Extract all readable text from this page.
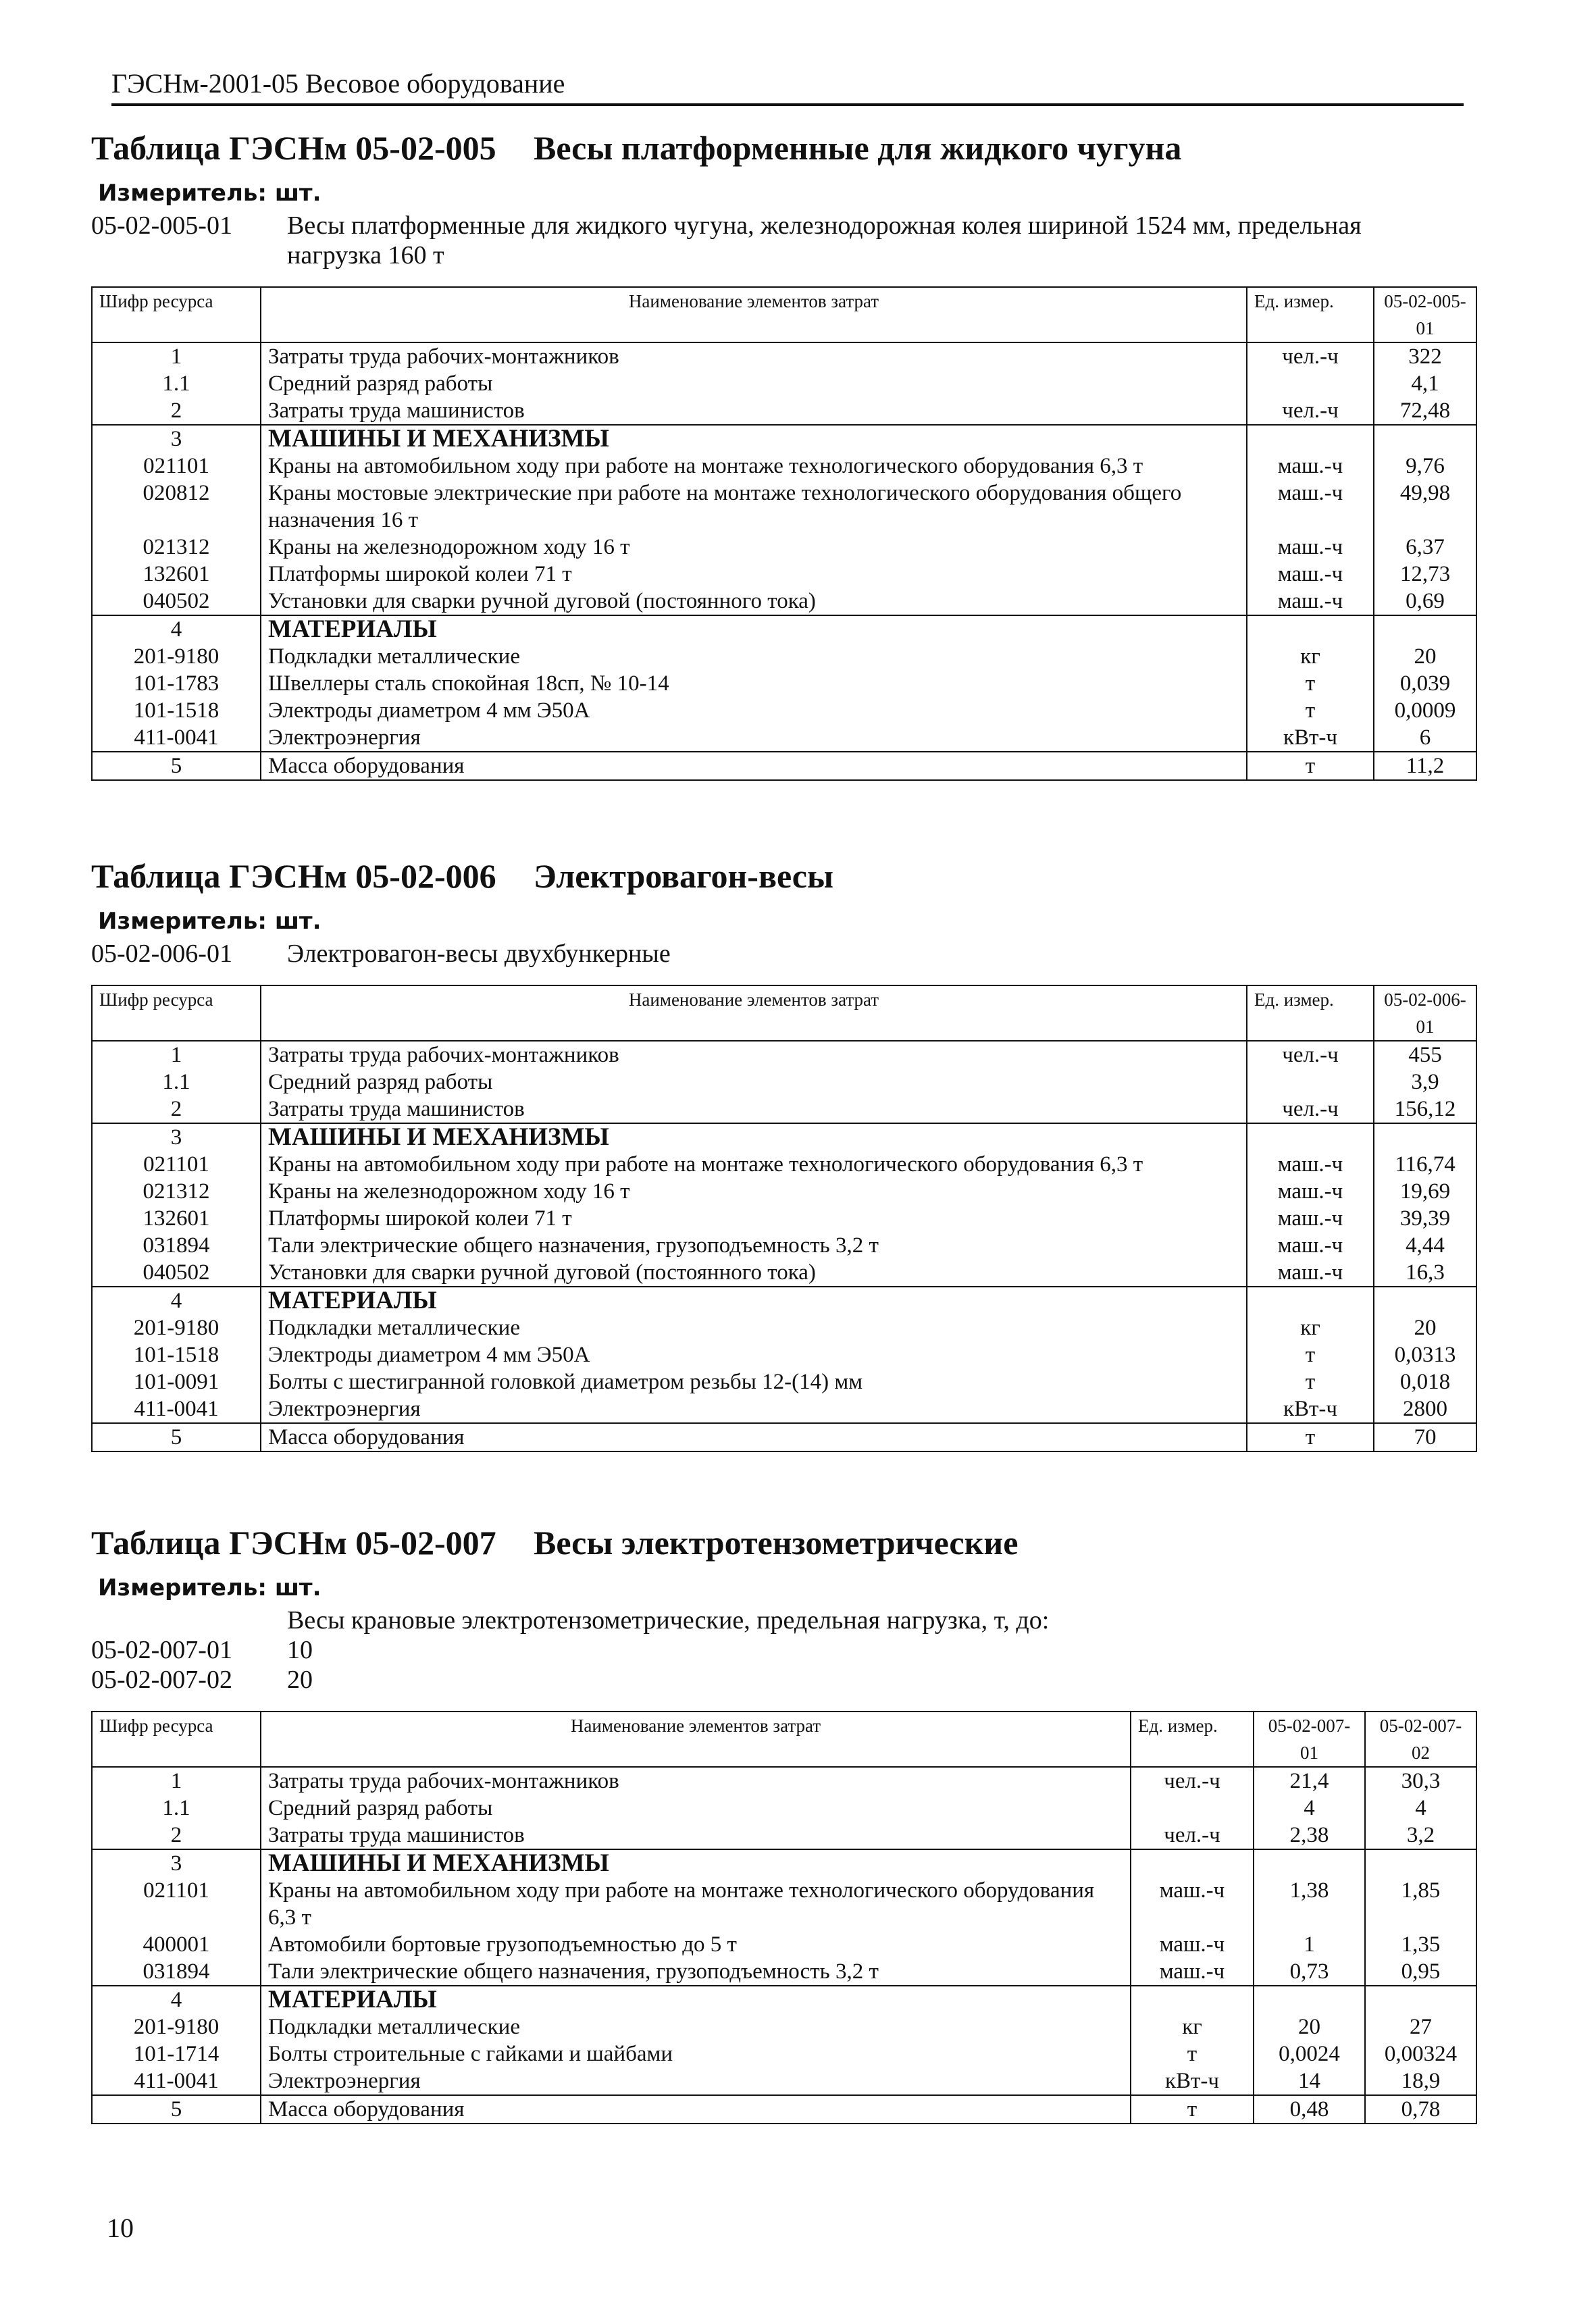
ГЭСНм-2001-05 Весовое оборудование
Таблица ГЭСНм 05-02-005 Весы платформенные для жидкого чугуна
Измеритель: шт.
05-02-005-01	Весы платформенные для жидкого чугуна, железнодорожная колея шириной 1524 мм, предельная нагрузка 160 т
Шифр ресурса	Наименование элементов затрат	Ед. измер.	05-02-005-01
1	Затраты труда рабочих-монтажников	чел.-ч	322
1.1	Средний разряд работы		4,1
2	Затраты труда машинистов	чел.-ч	72,48
3	МАШИНЫ И МЕХАНИЗМЫ		
021101	Краны на автомобильном ходу при работе на монтаже технологического оборудования 6,3 т	маш.-ч	9,76
020812	Краны мостовые электрические при работе на монтаже технологического оборудования общего назначения 16 т	маш.-ч	49,98
021312	Краны на железнодорожном ходу 16 т	маш.-ч	6,37
132601	Платформы широкой колеи 71 т	маш.-ч	12,73
040502	Установки для сварки ручной дуговой (постоянного тока)	маш.-ч	0,69
4	МАТЕРИАЛЫ		
201-9180	Подкладки металлические	кг	20
101-1783	Швеллеры сталь спокойная 18сп, № 10-14	т	0,039
101-1518	Электроды диаметром 4 мм Э50А	т	0,0009
411-0041	Электроэнергия	кВт-ч	6
5	Масса оборудования	т	11,2
Таблица ГЭСНм 05-02-006 Электровагон-весы
Измеритель: шт.
05-02-006-01	Электровагон-весы двухбункерные
Шифр ресурса	Наименование элементов затрат	Ед. измер.	05-02-006-01
1	Затраты труда рабочих-монтажников	чел.-ч	455
1.1	Средний разряд работы		3,9
2	Затраты труда машинистов	чел.-ч	156,12
3	МАШИНЫ И МЕХАНИЗМЫ		
021101	Краны на автомобильном ходу при работе на монтаже технологического оборудования 6,3 т	маш.-ч	116,74
021312	Краны на железнодорожном ходу 16 т	маш.-ч	19,69
132601	Платформы широкой колеи 71 т	маш.-ч	39,39
031894	Тали электрические общего назначения, грузоподъемность 3,2 т	маш.-ч	4,44
040502	Установки для сварки ручной дуговой (постоянного тока)	маш.-ч	16,3
4	МАТЕРИАЛЫ		
201-9180	Подкладки металлические	кг	20
101-1518	Электроды диаметром 4 мм Э50А	т	0,0313
101-0091	Болты с шестигранной головкой диаметром резьбы 12-(14) мм	т	0,018
411-0041	Электроэнергия	кВт-ч	2800
5	Масса оборудования	т	70
Таблица ГЭСНм 05-02-007 Весы электротензометрические
Измеритель: шт.
Весы крановые электротензометрические, предельная нагрузка, т, до:
05-02-007-01	10
05-02-007-02	20
Шифр ресурса	Наименование элементов затрат	Ед. измер.	05-02-007-01	05-02-007-02
1	Затраты труда рабочих-монтажников	чел.-ч	21,4	30,3
1.1	Средний разряд работы		4	4
2	Затраты труда машинистов	чел.-ч	2,38	3,2
3	МАШИНЫ И МЕХАНИЗМЫ			
021101	Краны на автомобильном ходу при работе на монтаже технологического оборудования 6,3 т	маш.-ч	1,38	1,85
400001	Автомобили бортовые грузоподъемностью до 5 т	маш.-ч	1	1,35
031894	Тали электрические общего назначения, грузоподъемность 3,2 т	маш.-ч	0,73	0,95
4	МАТЕРИАЛЫ			
201-9180	Подкладки металлические	кг	20	27
101-1714	Болты строительные с гайками и шайбами	т	0,0024	0,00324
411-0041	Электроэнергия	кВт-ч	14	18,9
5	Масса оборудования	т	0,48	0,78
10
